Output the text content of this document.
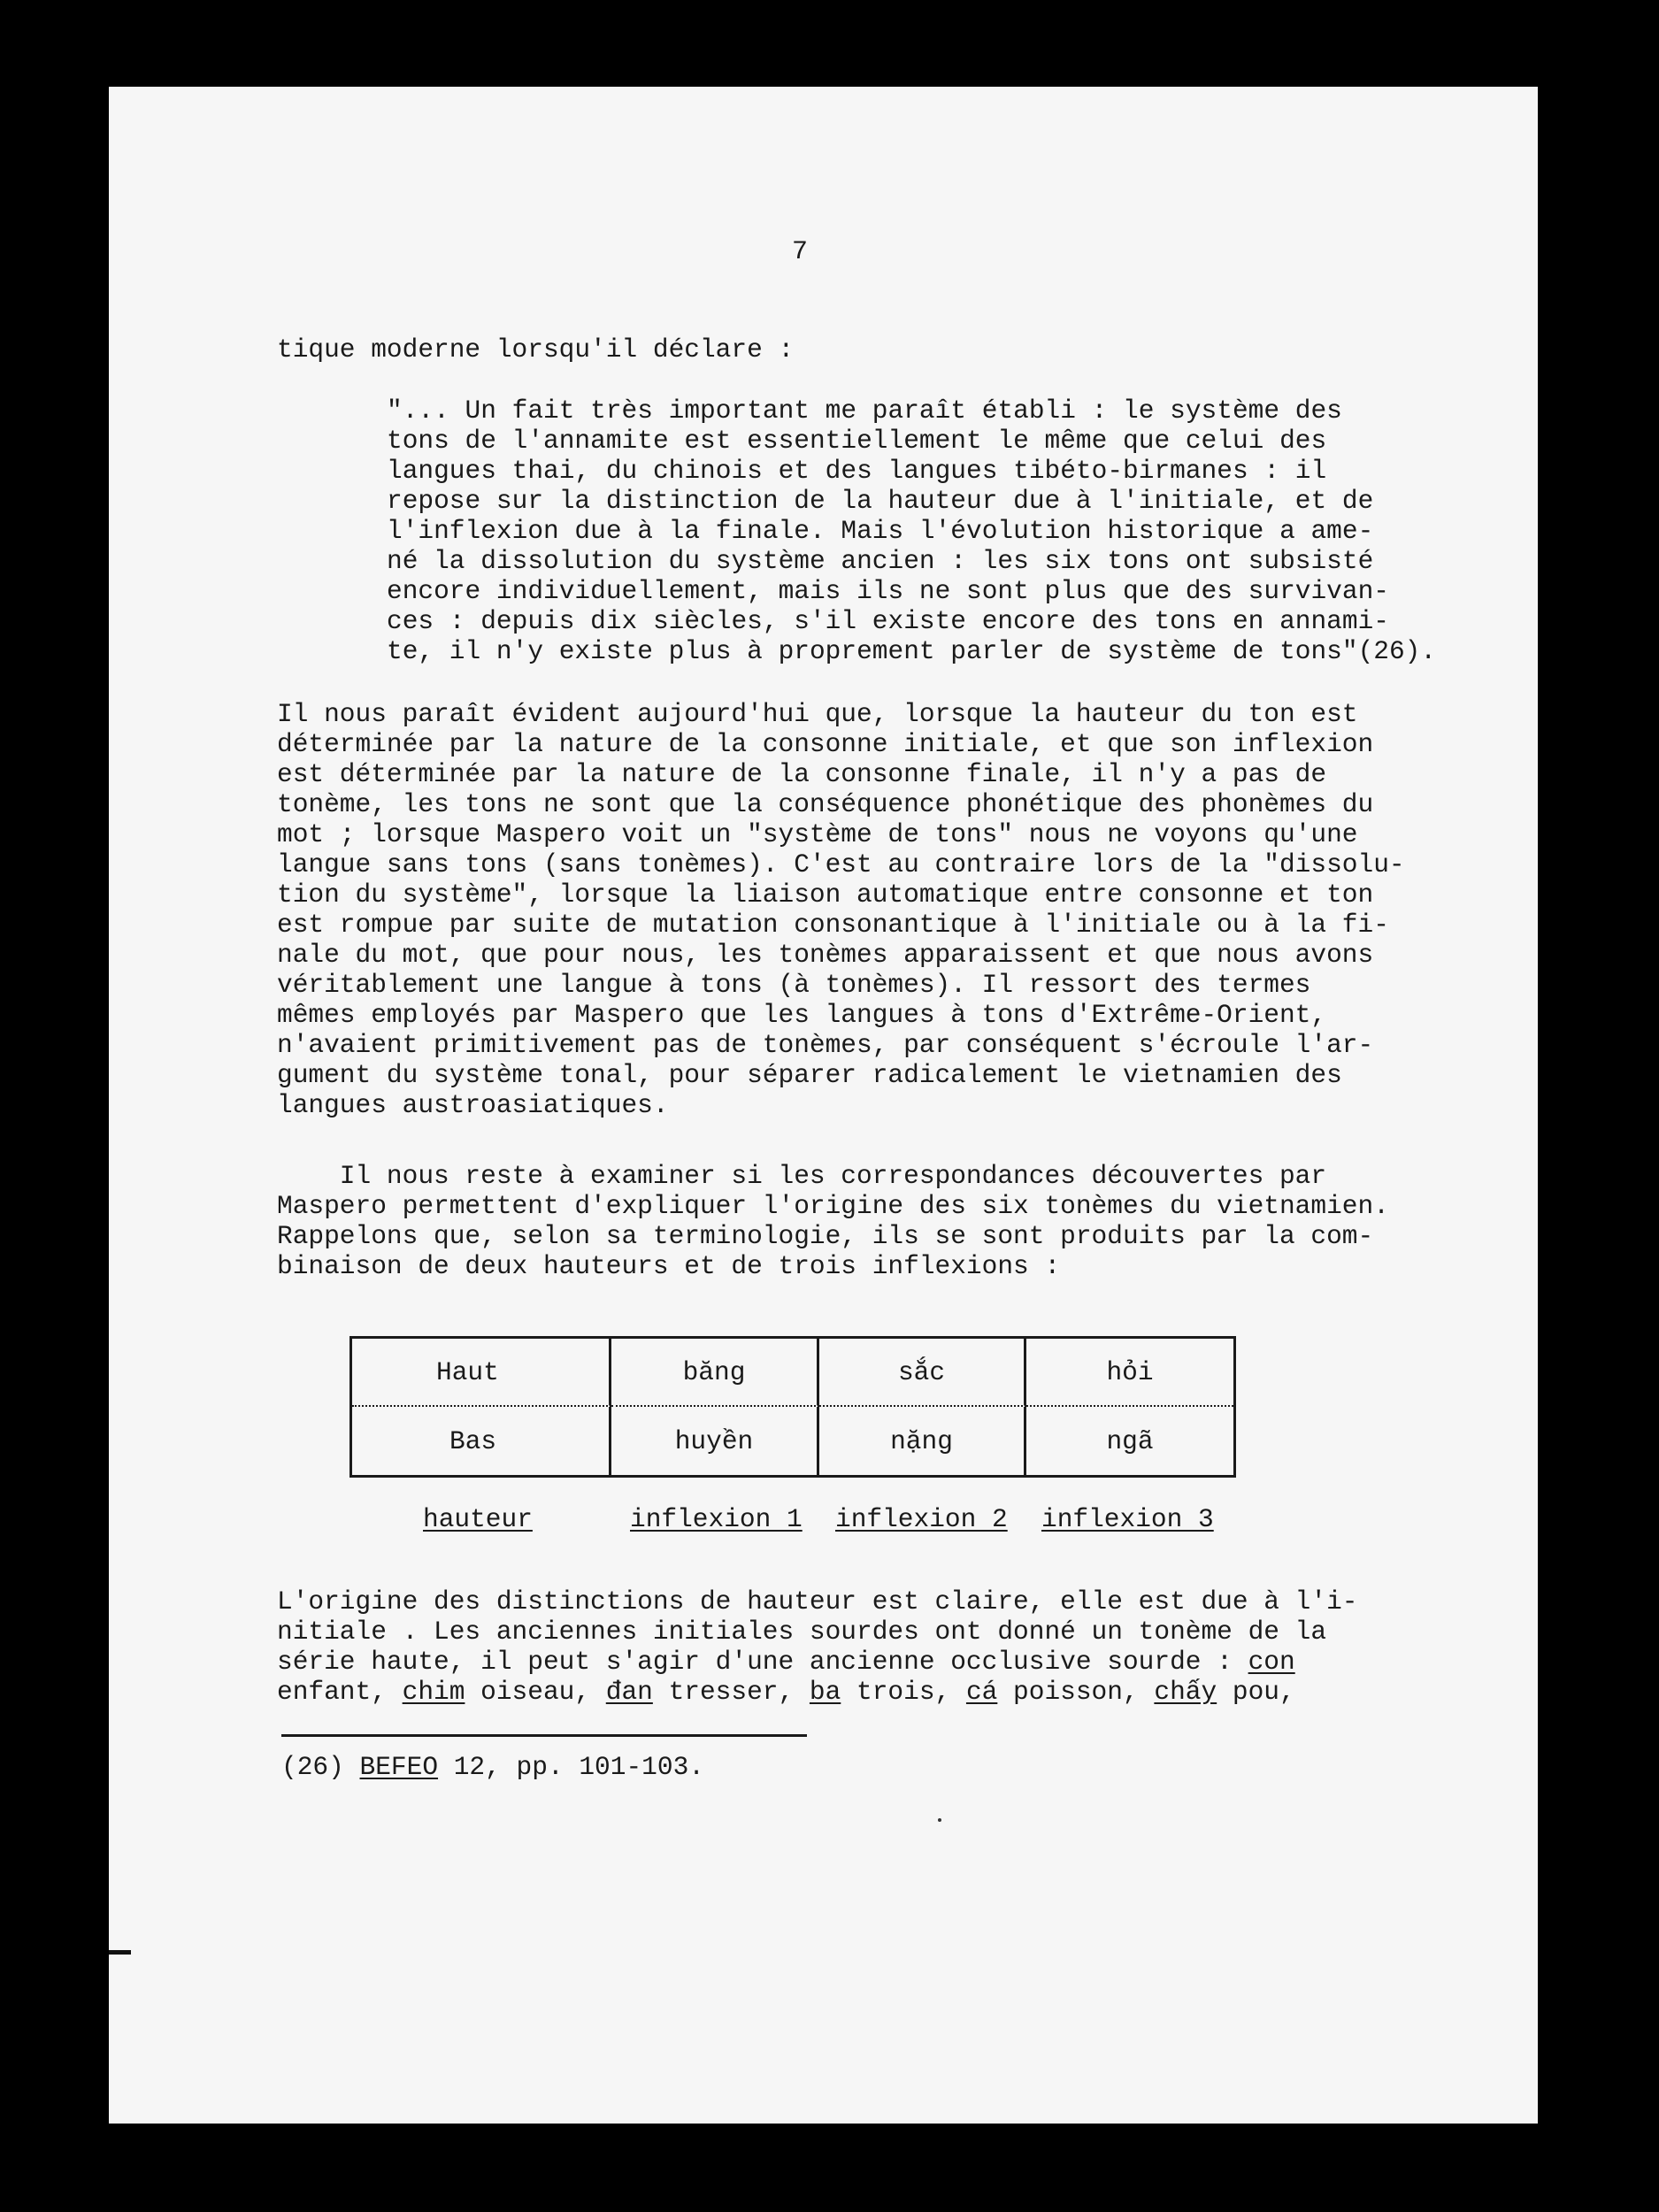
7
tique moderne lorsqu'il déclare :
"... Un fait très important me paraît établi : le système des
tons de l'annamite est essentiellement le même que celui des
langues thai, du chinois et des langues tibéto-birmanes : il
repose sur la distinction de la hauteur due à l'initiale, et de
l'inflexion due à la finale. Mais l'évolution historique a ame-
né la dissolution du système ancien : les six tons ont subsisté
encore individuellement, mais ils ne sont plus que des survivan-
ces : depuis dix siècles, s'il existe encore des tons en annami-
te, il n'y existe plus à proprement parler de système de tons"(26).
Il nous paraît évident aujourd'hui que, lorsque la hauteur du ton est
déterminée par la nature de la consonne initiale, et que son inflexion
est déterminée par la nature de la consonne finale, il n'y a pas de
tonème, les tons ne sont que la conséquence phonétique des phonèmes du
mot ; lorsque Maspero voit un "système de tons" nous ne voyons qu'une
langue sans tons (sans tonèmes). C'est au contraire lors de la "dissolu-
tion du système", lorsque la liaison automatique entre consonne et ton
est rompue par suite de mutation consonantique à l'initiale ou à la fi-
nale du mot, que pour nous, les tonèmes apparaissent et que nous avons
véritablement une langue à tons (à tonèmes). Il ressort des termes
mêmes employés par Maspero que les langues à tons d'Extrême-Orient,
n'avaient primitivement pas de tonèmes, par conséquent s'écroule l'ar-
gument du système tonal, pour séparer radicalement le vietnamien des
langues austroasiatiques.
Il nous reste à examiner si les correspondances découvertes par
Maspero permettent d'expliquer l'origine des six tonèmes du vietnamien.
Rappelons que, selon sa terminologie, ils se sont produits par la com-
binaison de deux hauteurs et de trois inflexions :
Haut	băng	sắc	hỏi
Bas	huyền	nặng	ngã
hauteur	inflexion 1 inflexion 2 inflexion 3
L'origine des distinctions de hauteur est claire, elle est due à l'i-
nitiale . Les anciennes initiales sourdes ont donné un tonème de la
série haute, il peut s'agir d'une ancienne occlusive sourde : con
enfant, chim oiseau, đan tresser, ba trois, cá poisson, chấy pou,
(26) BEFEO 12, pp. 101-103.
